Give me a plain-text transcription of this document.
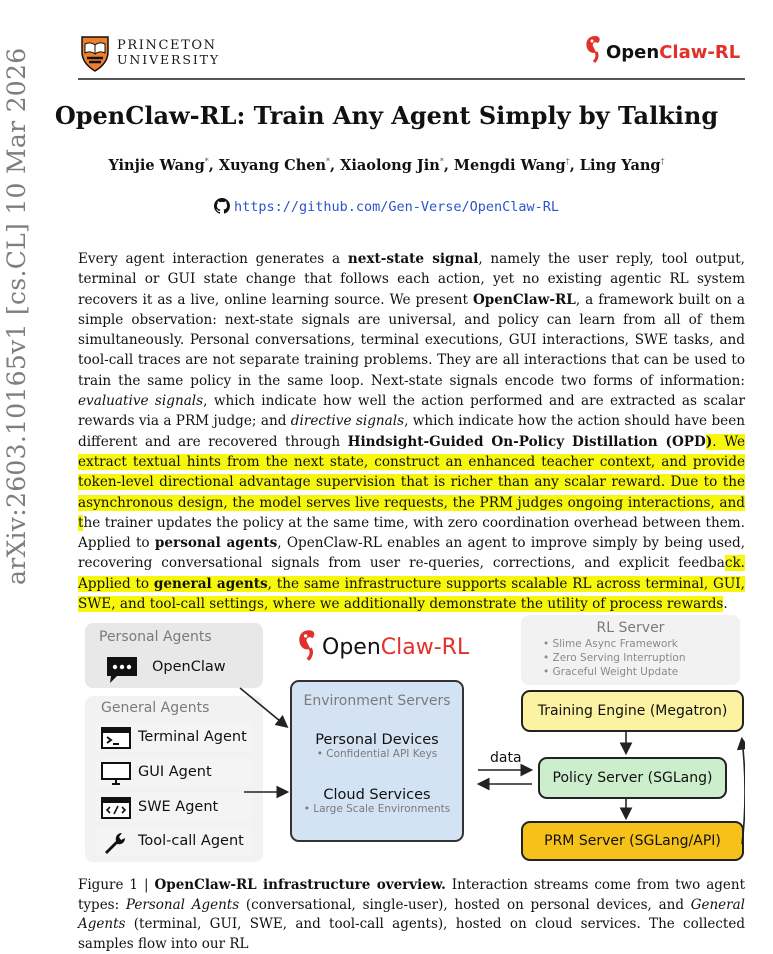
PRINCETON
UNIVERSITY	OpenClaw-RL
OpenClaw-RL: Train Any Agent Simply by Talking
Yinjie Wang*, Xuyang Chen*, Xiaolong Jin*, Mengdi Wang†, Ling Yang†
https://github.com/Gen-Verse/OpenClaw-RL
arXiv:2603.10165v1 [cs.CL] 10 Mar 2026	Every agent interaction generates a next-state signal, namely the user reply, tool output, terminal or GUI state change that follows each action, yet no existing agentic RL system recovers it as a live, online learning source. We present OpenClaw-RL, a framework built on a simple observation: next-state signals are universal, and policy can learn from all of them simultaneously. Personal conversations, terminal executions, GUI interactions, SWE tasks, and tool-call traces are not separate training problems. They are all interactions that can be used to train the same policy in the same loop. Next-state signals encode two forms of information: evaluative signals, which indicate how well the action performed and are extracted as scalar rewards via a PRM judge; and directive signals, which indicate how the action should have been different and are recovered through Hindsight-Guided On-Policy Distillation (OPD). We extract textual hints from the next state, construct an enhanced teacher context, and provide token-level directional advantage supervision that is richer than any scalar reward. Due to the asynchronous design, the model serves live requests, the PRM judges ongoing interactions, and the trainer updates the policy at the same time, with zero coordination overhead between them. Applied to personal agents, OpenClaw-RL enables an agent to improve simply by being used, recovering conversational signals from user re-queries, corrections, and explicit feedback. Applied to general agents, the same infrastructure supports scalable RL across terminal, GUI, SWE, and tool-call settings, where we additionally demonstrate the utility of process rewards.
Personal Agents
OpenClaw
General Agents
Terminal Agent
GUI Agent
SWE Agent
Tool-call Agent
OpenClaw-RL
Environment Servers
Personal Devices
• Confidential API Keys
Cloud Services
• Large Scale Environments
RL Server
• Slime Async Framework
• Zero Serving Interruption
• Graceful Weight Update
Training Engine (Megatron)
Policy Server (SGLang)
PRM Server (SGLang/API)
data
Figure 1 | OpenClaw-RL infrastructure overview. Interaction streams come from two agent types: Personal Agents (conversational, single-user), hosted on personal devices, and General Agents (terminal, GUI, SWE, and tool-call agents), hosted on cloud services. The collected samples flow into our RL
